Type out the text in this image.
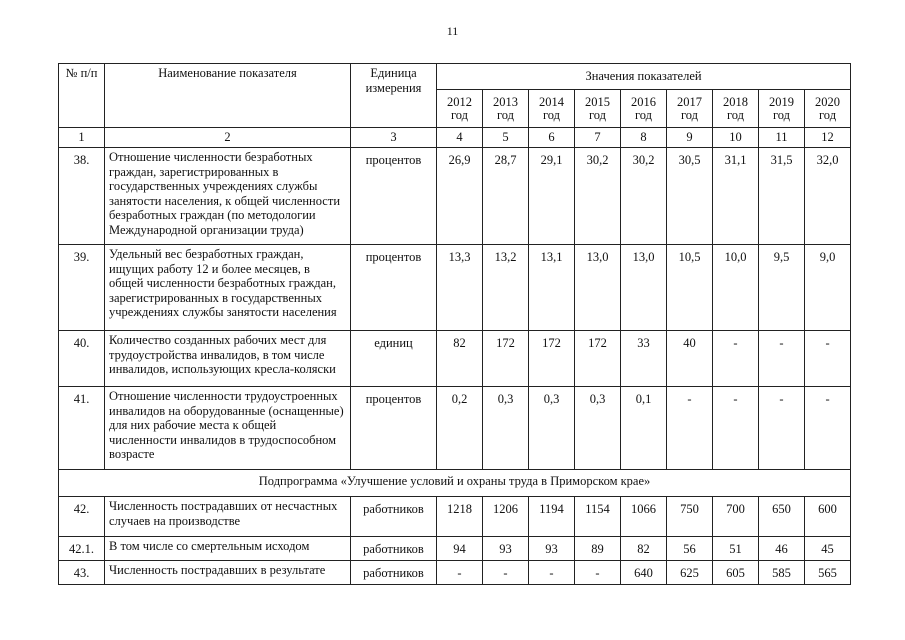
11
№ п/п	Наименование показателя	Единица измерения	Значения показателей								
			2012 год	2013 год	2014 год	2015 год	2016 год	2017 год	2018 год	2019 год	2020 год
1	2	3	4	5	6	7	8	9	10	11	12
38.	Отношение численности безработных граждан, зарегистрированных в государственных учреждениях службы занятости населения, к общей численности безработных граждан (по методологии Международной организации труда)	процентов	26,9	28,7	29,1	30,2	30,2	30,5	31,1	31,5	32,0
39.	Удельный вес безработных граждан, ищущих работу 12 и более месяцев, в общей численности безработных граждан, зарегистрированных в государственных учреждениях службы занятости населения	процентов	13,3	13,2	13,1	13,0	13,0	10,5	10,0	9,5	9,0
40.	Количество созданных рабочих мест для трудоустройства инвалидов, в том числе инвалидов, использующих кресла-коляски	единиц	82	172	172	172	33	40	-	-	-
41.	Отношение численности трудоустроенных инвалидов на оборудованные (оснащенные) для них рабочие места к общей численности инвалидов в трудоспособном возрасте	процентов	0,2	0,3	0,3	0,3	0,1	-	-	-	-
Подпрограмма «Улучшение условий и охраны труда в Приморском крае»											
42.	Численность пострадавших от несчастных случаев на производстве	работников	1218	1206	1194	1154	1066	750	700	650	600
42.1.	В том числе со смертельным исходом	работников	94	93	93	89	82	56	51	46	45
43.	Численность пострадавших в результате	работников	-	-	-	-	640	625	605	585	565
